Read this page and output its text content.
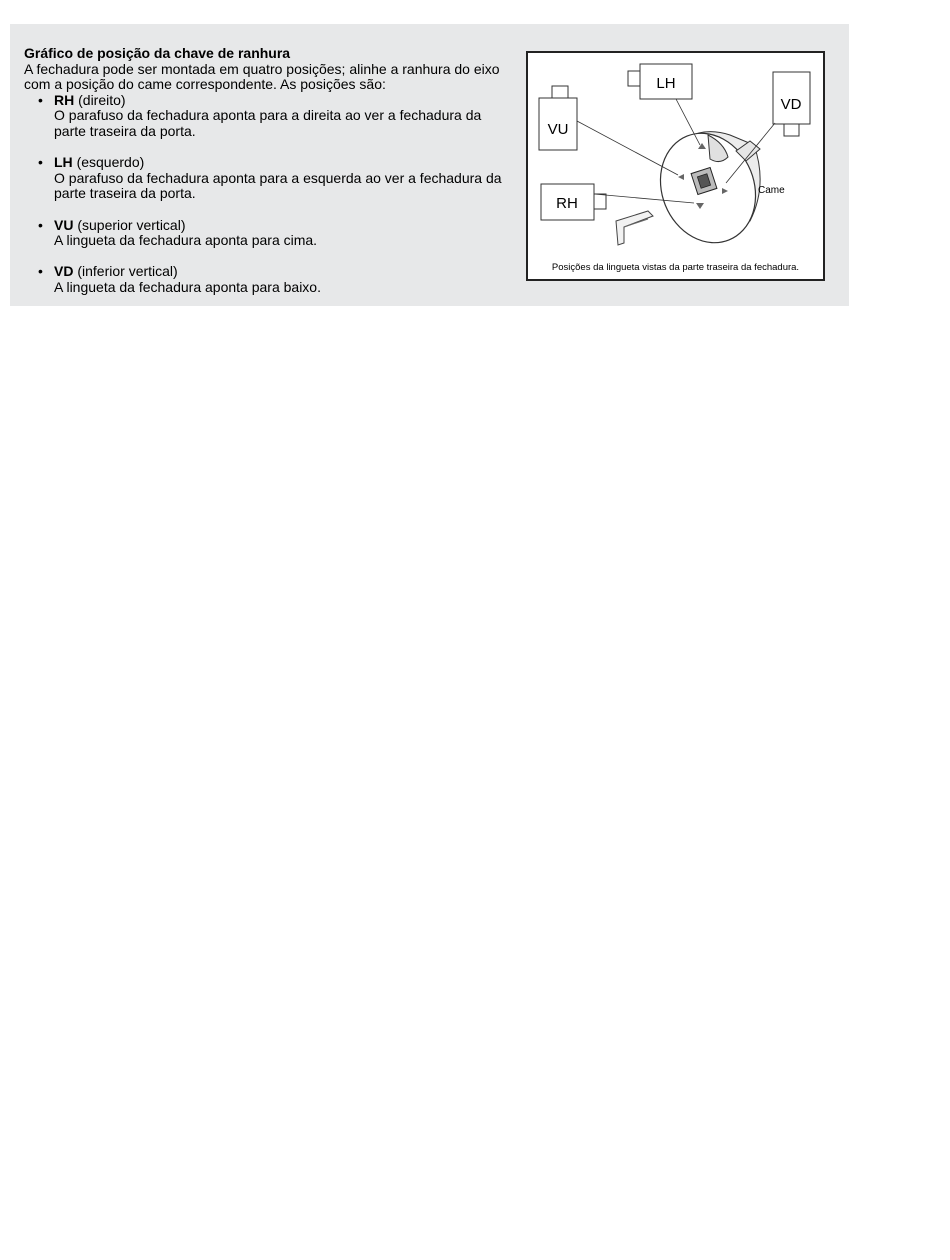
Gráfico de posição da chave de ranhura

A fechadura pode ser montada em quatro posições; alinhe a ranhura do eixo com a posição do came correspondente. As posições são:

• RH (direito)
O parafuso da fechadura aponta para a direita ao ver a fechadura da parte traseira da porta.
• LH (esquerdo)
O parafuso da fechadura aponta para a esquerda ao ver a fechadura da parte traseira da porta.
• VU (superior vertical)
A lingueta da fechadura aponta para cima.
• VD (inferior vertical)
A lingueta da fechadura aponta para baixo.
LH
VU
VD
RH
Came
Posições da lingueta vistas da parte traseira da fechadura.
